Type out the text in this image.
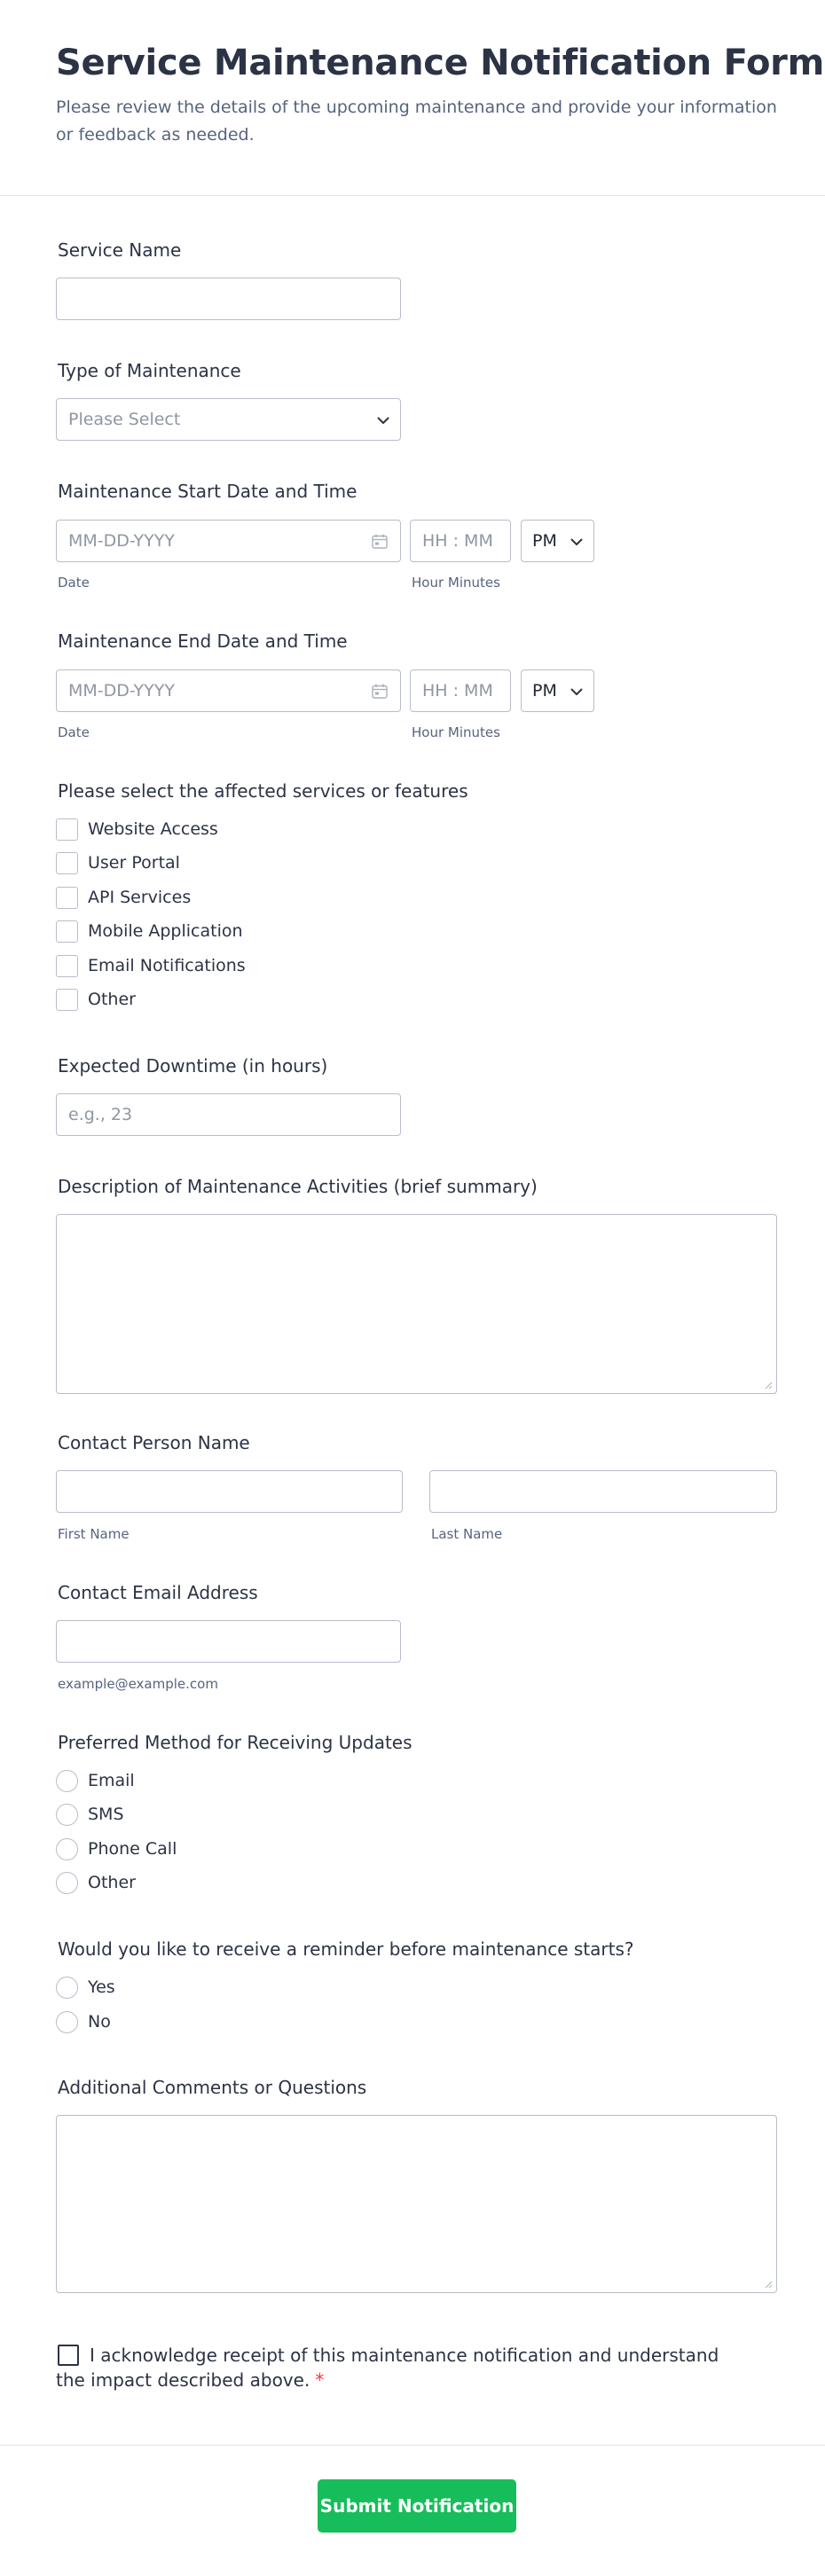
Service Maintenance Notification Form

Please review the details of the upcoming maintenance and provide your information or feedback as needed.

Service Name
Type of Maintenance
Please Select
Maintenance Start Date and Time
MM-DD-YYYY	HH : MM PM
Date	Hour Minutes
Maintenance End Date and Time
MM-DD-YYYY	HH : MM PM
Date	Hour Minutes
Please select the affected services or features
Website Access
User Portal
API Services
Mobile Application
Email Notifications
Other
Expected Downtime (in hours)
e.g., 23
Description of Maintenance Activities (brief summary)
Contact Person Name
First Name	Last Name
Contact Email Address
example@example.com
Preferred Method for Receiving Updates
Email
SMS
Phone Call
Other
Would you like to receive a reminder before maintenance starts?
Yes
No
Additional Comments or Questions
I acknowledge receipt of this maintenance notification and understand
the impact described above. *
Submit Notification
